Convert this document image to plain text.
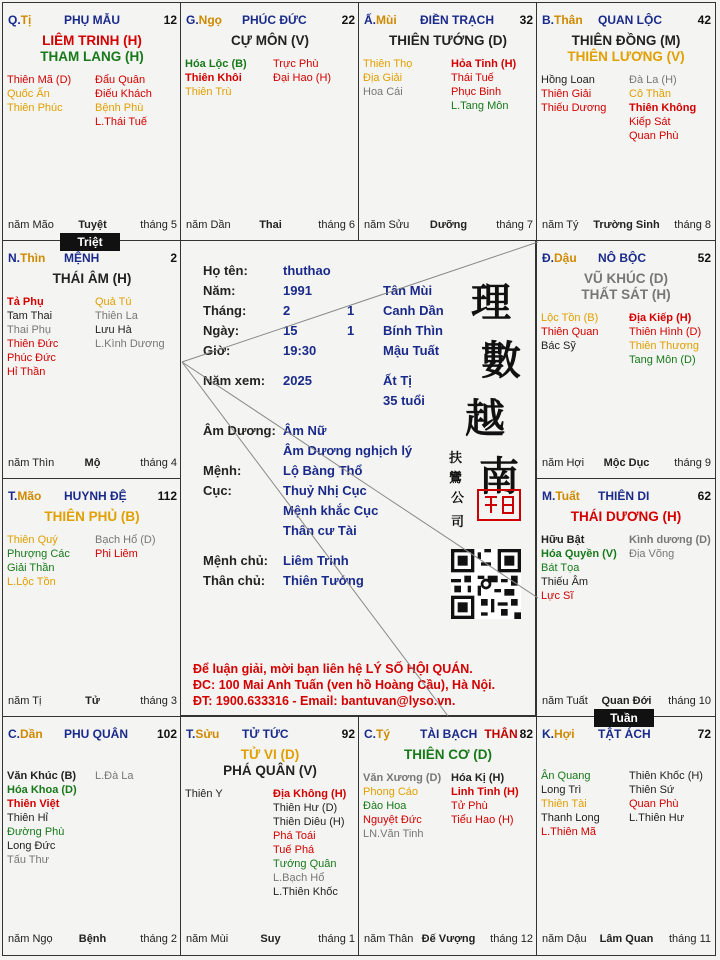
Q.Tị	PHỤ MẪU	12
LIÊM TRINH (H)
THAM LANG (H)
Thiên Mã (D)
Quốc Ấn
Thiên Phúc
Đẩu Quân
Điếu Khách
Bệnh Phù
L.Thái Tuế
năm Mão	Tuyệt	tháng 5
G.Ngọ PHÚC ĐỨC	22
CỰ MÔN (V)
Hóa Lộc (B)
Thiên Khôi
Thiên Trù
Trực Phù
Đại Hao (H)
năm Dần	Thai	tháng 6
Ấ.Mùi ĐIỀN TRẠCH 32
THIÊN TƯỚNG (D)
Thiên Thọ
Địa Giải
Hoa Cái
Hỏa Tinh (H)
Thái Tuế
Phục Binh
L.Tang Môn
năm Sửu	Dưỡng	tháng 7
B.Thân QUAN LỘC	42
THIÊN ĐỒNG (M)
THIÊN LƯƠNG (V)
Hồng Loan
Thiên Giải
Thiếu Dương
Đà La (H)
Cô Thần
Thiên Không
Kiếp Sát
Quan Phù
năm Tý	Trường Sinh	tháng 8
N.Thìn MỆNH	2
THÁI ÂM (H)
Tả Phụ
Tam Thai
Thai Phụ
Thiên Đức
Phúc Đức
Hỉ Thần
Quả Tú
Thiên La
Lưu Hà
L.Kình Dương
năm Thìn	Mộ	tháng 4
Đ.Dậu NÔ BỘC	52
VŨ KHÚC (D)
THẤT SÁT (H)
Lộc Tồn (B)
Thiên Quan
Bác Sỹ
Địa Kiếp (H)
Thiên Hình (D)
Thiên Thương
Tang Môn (D)
năm Hợi	Mộc Dục	tháng 9
T.Mão HUYNH ĐỆ	112
THIÊN PHỦ (B)
Thiên Quý
Phượng Các
Giải Thần
L.Lộc Tồn
Bạch Hổ (D)
Phi Liêm
năm Tị	Tử	tháng 3
M.Tuất THIÊN DI	62
THÁI DƯƠNG (H)
Hữu Bật
Hóa Quyền (V)
Bát Tọa
Thiếu Âm
Lực Sĩ
Kình dương (D)
Địa Võng
năm Tuất	Quan Đới	tháng 10
C.Dần PHU QUÂN 102
Văn Khúc (B)
Hóa Khoa (D)
Thiên Việt
Thiên Hỉ
Đường Phù
Long Đức
Tấu Thư
L.Đà La
năm Ngọ	Bệnh	tháng 2
T.Sửu TỬ TỨC	92
TỬ VI (D)
PHÁ QUÂN (V)
Thiên Y	Địa Không (H)
Thiên Hư (D)
Thiên Diêu (H)
Phá Toái
Tuế Phá
Tướng Quân
L.Bạch Hổ
L.Thiên Khốc
năm Mùi	Suy	tháng 1
C.Tý TÀI BẠCH THÂN 82
THIÊN CƠ (D)
Văn Xương (D)
Phong Cáo
Đào Hoa
Nguyệt Đức
LN.Văn Tinh
Hóa Kị (H)
Linh Tinh (H)
Tử Phù
Tiểu Hao (H)
năm Thân Đế Vượng	tháng 12
K.Hợi TẬT ÁCH	72
Ân Quang
Long Trì
Thiên Tài
Thanh Long
L.Thiên Mã
Thiên Khốc (H)
Thiên Sứ
Quan Phù
L.Thiên Hư
năm Dậu	Lâm Quan	tháng 11
Triệt
Tuần
Họ tên:	thuthao
Năm:	1991	Tân Mùi
Tháng:	2	1 Canh Dần
Ngày:	15	1 Bính Thìn
Giờ:	19:30	Mậu Tuất
Năm xem: 2025	Ất Tị
35 tuổi
Âm Dương: Âm Nữ
Âm Dương nghịch lý
Mệnh:	Lộ Bàng Thổ
Cục:	Thuỷ Nhị Cục
Mệnh khắc Cục
Thân cư Tài
Mệnh chủ: Liêm Trinh
Thân chủ: Thiên Tướng
理
數
越
南
扶
鸞
公
司
Để luận giải, mời bạn liên hệ LÝ SỐ HỘI QUÁN.
ĐC: 100 Mai Anh Tuấn (ven hồ Hoàng Cầu), Hà Nội.
ĐT: 1900.633316 - Email: bantuvan@lyso.vn.
